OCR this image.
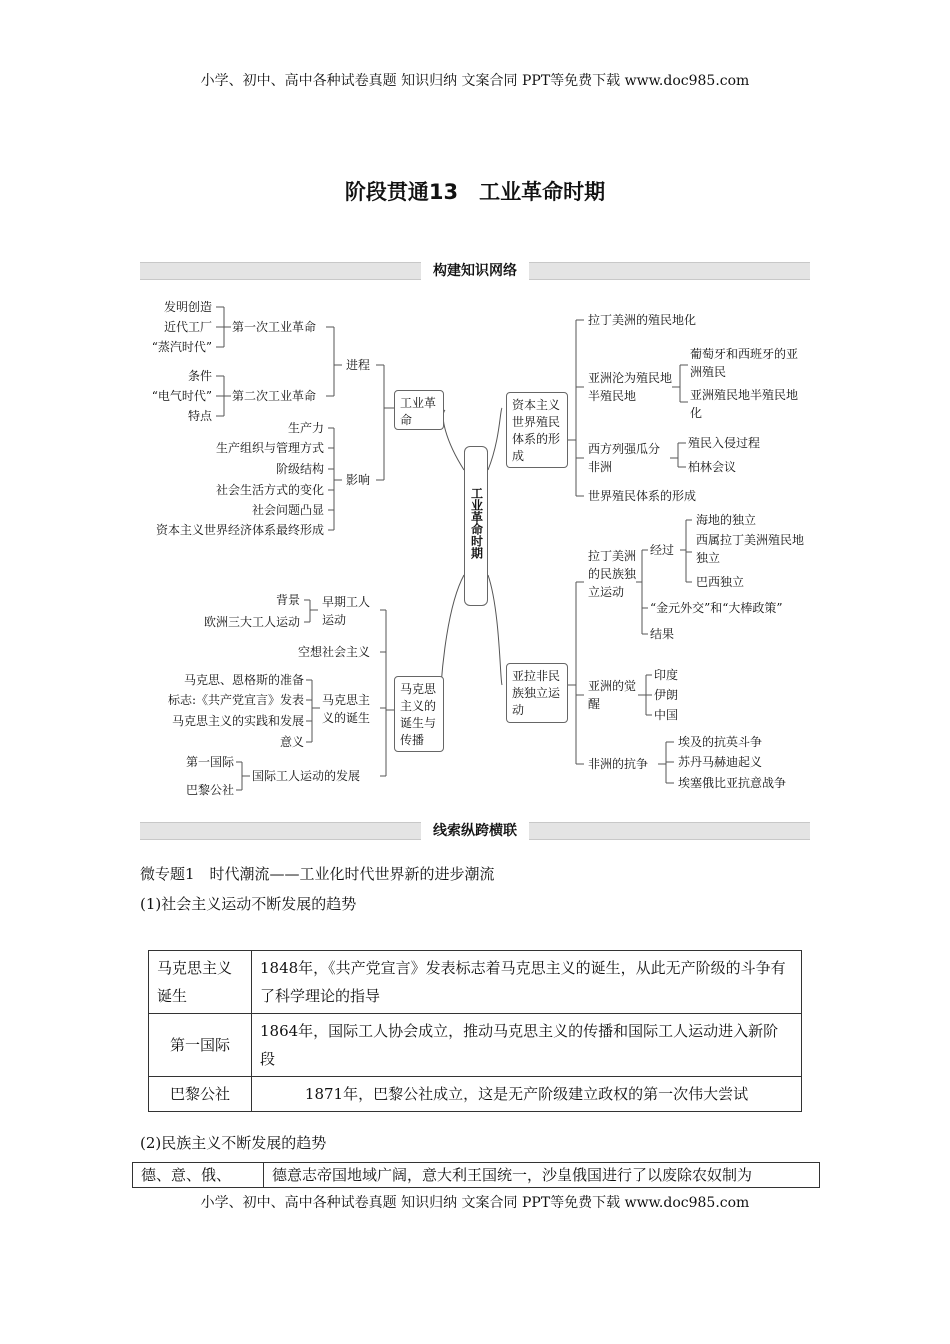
小学、初中、高中各种试卷真题 知识归纳 文案合同 PPT等免费下载 www.doc985.com
阶段贯通13　工业革命时期
构建知识网络
工业革命时期
工业革命
进程
影响
第一次工业革命
第二次工业革命
发明创造
近代工厂
“蒸汽时代”
条件
“电气时代”
特点
生产力
生产组织与管理方式
阶级结构
社会生活方式的变化
社会问题凸显
资本主义世界经济体系最终形成
马克思主义的诞生与传播
早期工人运动
空想社会主义
马克思主义的诞生
国际工人运动的发展
背景
欧洲三大工人运动
马克思、恩格斯的准备
标志:《共产党宣言》发表
马克思主义的实践和发展
意义
第一国际
巴黎公社
资本主义世界殖民体系的形成
拉丁美洲的殖民地化
亚洲沦为殖民地半殖民地
西方列强瓜分非洲
世界殖民体系的形成
葡萄牙和西班牙的亚洲殖民
亚洲殖民地半殖民地化
殖民入侵过程
柏林会议
亚拉非民族独立运动
拉丁美洲的民族独立运动
经过
“金元外交”和“大棒政策”
结果
海地的独立
西属拉丁美洲殖民地独立
巴西独立
亚洲的觉醒
印度
伊朗
中国
非洲的抗争
埃及的抗英斗争
苏丹马赫迪起义
埃塞俄比亚抗意战争
线索纵跨横联
微专题1　时代潮流——工业化时代世界新的进步潮流
(1)社会主义运动不断发展的趋势
马克思主义诞生	1848年，《共产党宣言》发表标志着马克思主义的诞生，从此无产阶级的斗争有了科学理论的指导
第一国际	1864年，国际工人协会成立，推动马克思主义的传播和国际工人运动进入新阶段
巴黎公社	1871年，巴黎公社成立，这是无产阶级建立政权的第一次伟大尝试
(2)民族主义不断发展的趋势
德、意、俄、	德意志帝国地域广阔，意大利王国统一，沙皇俄国进行了以废除农奴制为
小学、初中、高中各种试卷真题 知识归纳 文案合同 PPT等免费下载 www.doc985.com
